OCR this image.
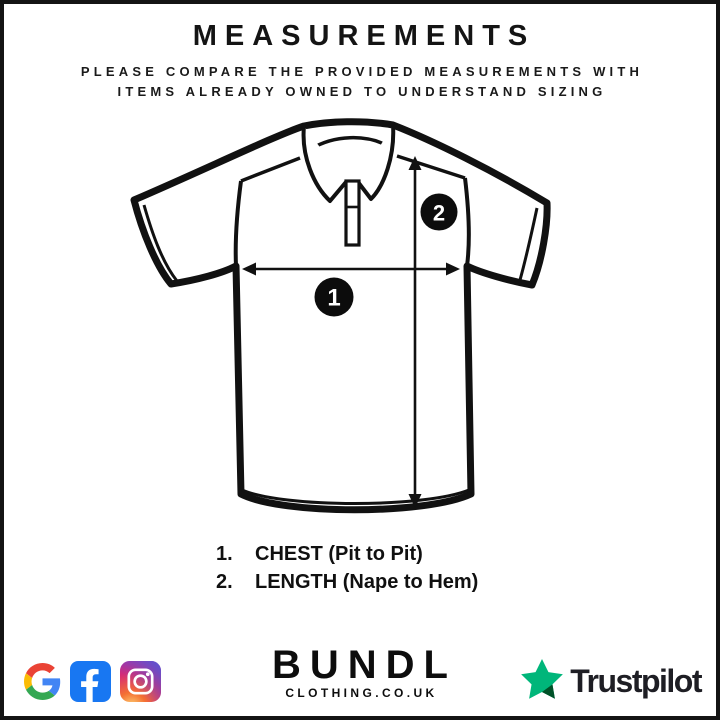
MEASUREMENTS

PLEASE COMPARE THE PROVIDED MEASUREMENTS WITH

ITEMS ALREADY OWNED TO UNDERSTAND SIZING

1
2
1. CHEST (Pit to Pit)
2. LENGTH (Nape to Hem)

BUNDL

CLOTHING.CO.UK	Trustpilot
